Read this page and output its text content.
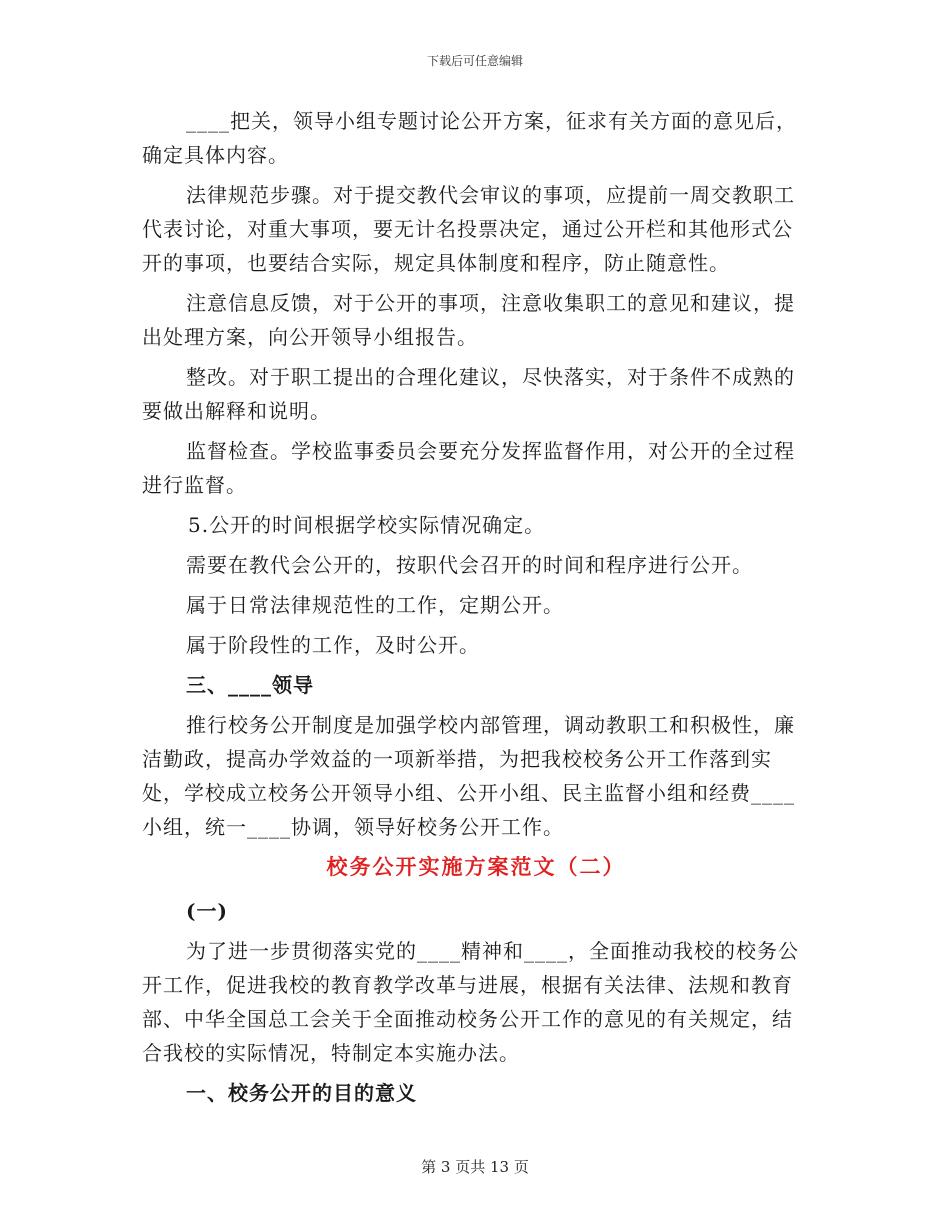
下载后可任意编辑

____把关，领导小组专题讨论公开方案，征求有关方面的意见后，确定具体内容。

法律规范步骤。对于提交教代会审议的事项，应提前一周交教职工代表讨论，对重大事项，要无计名投票决定，通过公开栏和其他形式公开的事项，也要结合实际，规定具体制度和程序，防止随意性。

注意信息反馈，对于公开的事项，注意收集职工的意见和建议，提出处理方案，向公开领导小组报告。

整改。对于职工提出的合理化建议，尽快落实，对于条件不成熟的要做出解释和说明。

监督检查。学校监事委员会要充分发挥监督作用，对公开的全过程进行监督。

5.公开的时间根据学校实际情况确定。

需要在教代会公开的，按职代会召开的时间和程序进行公开。

属于日常法律规范性的工作，定期公开。

属于阶段性的工作，及时公开。

三、____领导

推行校务公开制度是加强学校内部管理，调动教职工和积极性，廉洁勤政，提高办学效益的一项新举措，为把我校校务公开工作落到实处，学校成立校务公开领导小组、公开小组、民主监督小组和经费____小组，统一____协调，领导好校务公开工作。

校务公开实施方案范文（二）

(一)

为了进一步贯彻落实党的____精神和____，全面推动我校的校务公开工作，促进我校的教育教学改革与进展，根据有关法律、法规和教育部、中华全国总工会关于全面推动校务公开工作的意见的有关规定，结合我校的实际情况，特制定本实施办法。

一、校务公开的目的意义

第 3 页共 13 页
